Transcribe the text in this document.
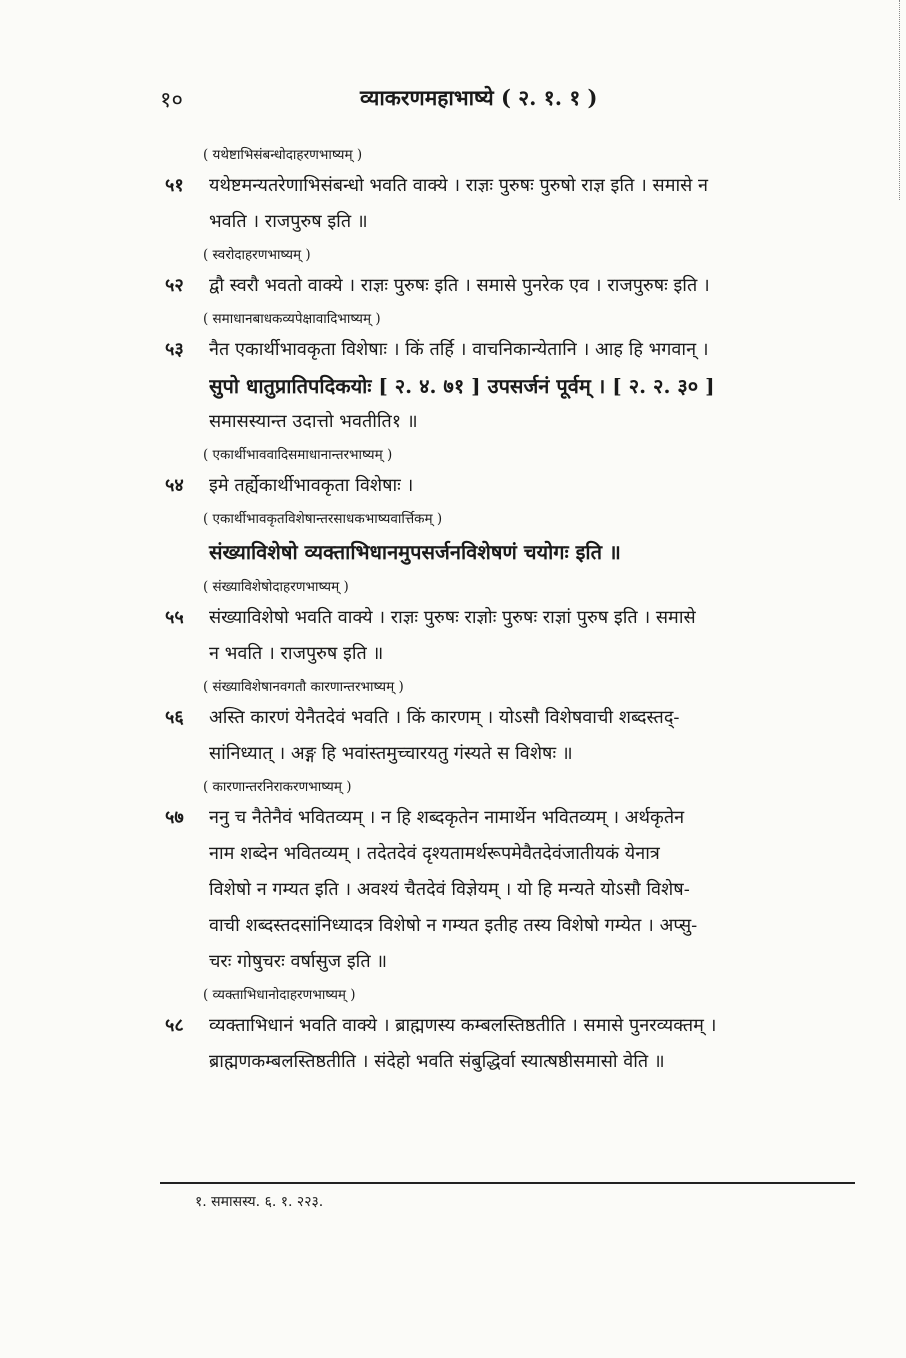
१०	व्याकरणमहाभाष्ये ( २. १. १ )
( यथेष्टाभिसंबन्धोदाहरणभाष्यम् )
५१ यथेष्टमन्यतरेणाभिसंबन्धो भवति वाक्ये । राज्ञः पुरुषः पुरुषो राज्ञ इति । समासे न
भवति । राजपुरुष इति ॥
( स्वरोदाहरणभाष्यम् )
५२ द्वौ स्वरौ भवतो वाक्ये । राज्ञः पुरुषः इति । समासे पुनरेक एव । राजपुरुषः इति ।
( समाधानबाधकव्यपेक्षावादिभाष्यम् )
५३ नैत एकार्थीभावकृता विशेषाः । किं तर्हि । वाचनिकान्येतानि । आह हि भगवान् ।
सुपो धातुप्रातिपदिकयोः [ २. ४. ७१ ] उपसर्जनं पूर्वम् । [ २. २. ३० ]
समासस्यान्त उदात्तो भवतीति१ ॥
( एकार्थीभाववादिसमाधानान्तरभाष्यम् )
५४ इमे तर्ह्येकार्थीभावकृता विशेषाः ।
( एकार्थीभावकृतविशेषान्तरसाधकभाष्यवार्त्तिकम् )
संख्याविशेषो व्यक्ताभिधानमुपसर्जनविशेषणं चयोगः इति ॥
( संख्याविशेषोदाहरणभाष्यम् )
५५ संख्याविशेषो भवति वाक्ये । राज्ञः पुरुषः राज्ञोः पुरुषः राज्ञां पुरुष इति । समासे
न भवति । राजपुरुष इति ॥
( संख्याविशेषानवगतौ कारणान्तरभाष्यम् )
५६ अस्ति कारणं येनैतदेवं भवति । किं कारणम् । योऽसौ विशेषवाची शब्दस्तद्-
सांनिध्यात् । अङ्ग हि भवांस्तमुच्चारयतु गंस्यते स विशेषः ॥
( कारणान्तरनिराकरणभाष्यम् )
५७ ननु च नैतेनैवं भवितव्यम् । न हि शब्दकृतेन नामार्थेन भवितव्यम् । अर्थकृतेन
नाम शब्देन भवितव्यम् । तदेतदेवं दृश्यतामर्थरूपमेवैतदेवंजातीयकं येनात्र
विशेषो न गम्यत इति । अवश्यं चैतदेवं विज्ञेयम् । यो हि मन्यते योऽसौ विशेष-
वाची शब्दस्तदसांनिध्यादत्र विशेषो न गम्यत इतीह तस्य विशेषो गम्येत । अप्सु-
चरः गोषुचरः वर्षासुज इति ॥
( व्यक्ताभिधानोदाहरणभाष्यम् )
५८ व्यक्ताभिधानं भवति वाक्ये । ब्राह्मणस्य कम्बलस्तिष्ठतीति । समासे पुनरव्यक्तम् ।
ब्राह्मणकम्बलस्तिष्ठतीति । संदेहो भवति संबुद्धिर्वा स्यात्षष्ठीसमासो वेति ॥
१. समासस्य. ६. १. २२३.
